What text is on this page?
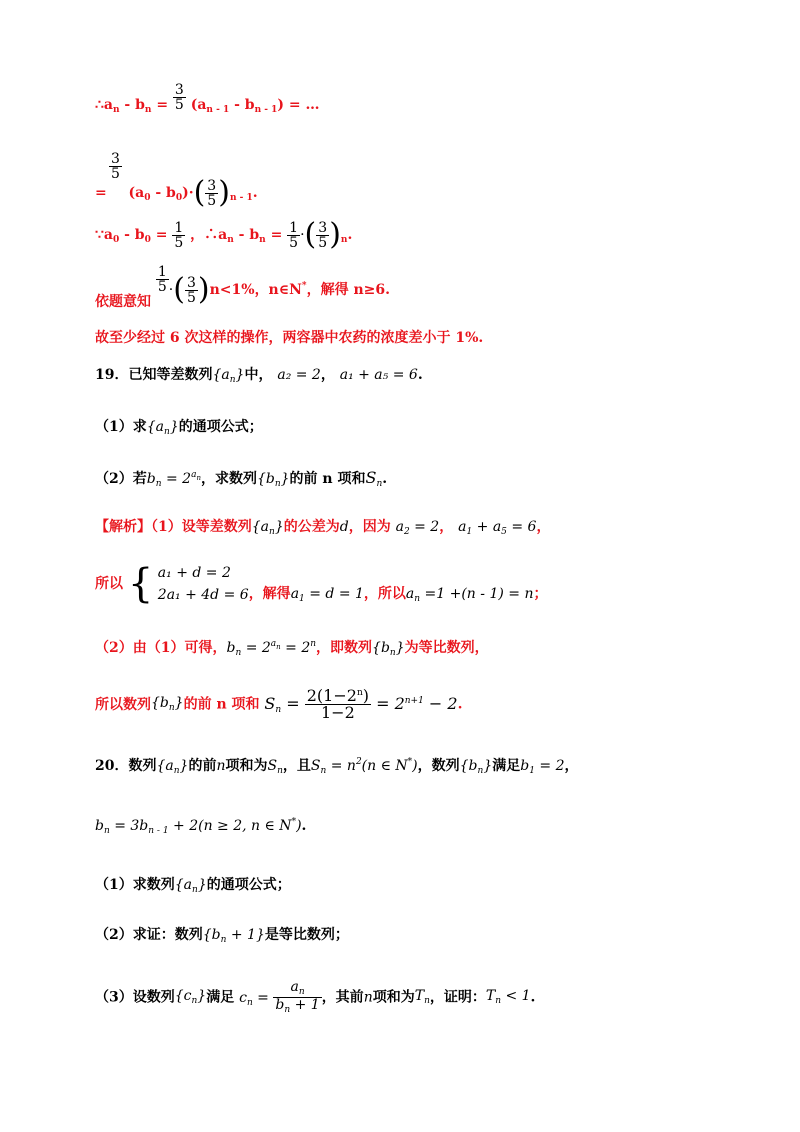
$\therefore a_n - b_n = \frac{3}{5} (a_{n - 1} - b_{n - 1})$ = …
$\frac{3}{5}$
= $(a_0 - b_0)\cdot( \frac{3}{5} )_{n - 1}$.
$\because a_0 - b_0 = \frac{1}{5}$ ，$\therefore a_n - b_n = \frac{1}{5}$ ·( $\frac{3}{5} )_n$.
依题意知
$\frac{1}{5}$ ·( $\frac{3}{5} )n<1\%$，n∈N*，解得 n≥6.
故至少经过 6 次这样的操作，两容器中农药的浓度差小于 1%.
19．已知等差数列$\{a_n\}$中， a₂ = 2， a₁ + a₅ = 6.
（1）求$\{a_n\}$的通项公式；
（2）若$b_n = 2^{a_n}$，求数列$\{b_n\}$的前 n 项和$S_n$.
【解析】（1）设等差数列$\{a_n\}$的公差为d，因为 $a_2 = 2$， $a_1 + a_5 = 6$，
所以 { a₁ + d = 2
2a₁ + 4d = 6 ，解得$a_1 = d = 1$，所以$a_n =1 +(n - 1) = n$；
（2）由（1）可得，$b_n = 2^{a_n} = 2^n$，即数列$\{b_n\}$为等比数列，
所以数列$\{b_n\}$的前 n 项和 $S_n = \frac{2(1-2^n)}{1-2} = 2^{n+1} - 2$.
20．数列$\{a_n\}$的前n项和为$S_n$，且$S_n = n^2(n$ ∈ N*)，数列$\{b_n\}$满足$b_1 = 2$，
$b_n = 3b_{n - 1} + 2(n \ge 2$, n ∈ N*).
（1）求数列$\{a_n\}$的通项公式；
（2）求证：数列$\{b_n + 1\}$是等比数列；
（3）设数列$\{c_n\}$满足 $c_n = \frac{a_n}{b_n + 1}$ ，其前n项和为$T_n$，证明：$T_n < 1$.
